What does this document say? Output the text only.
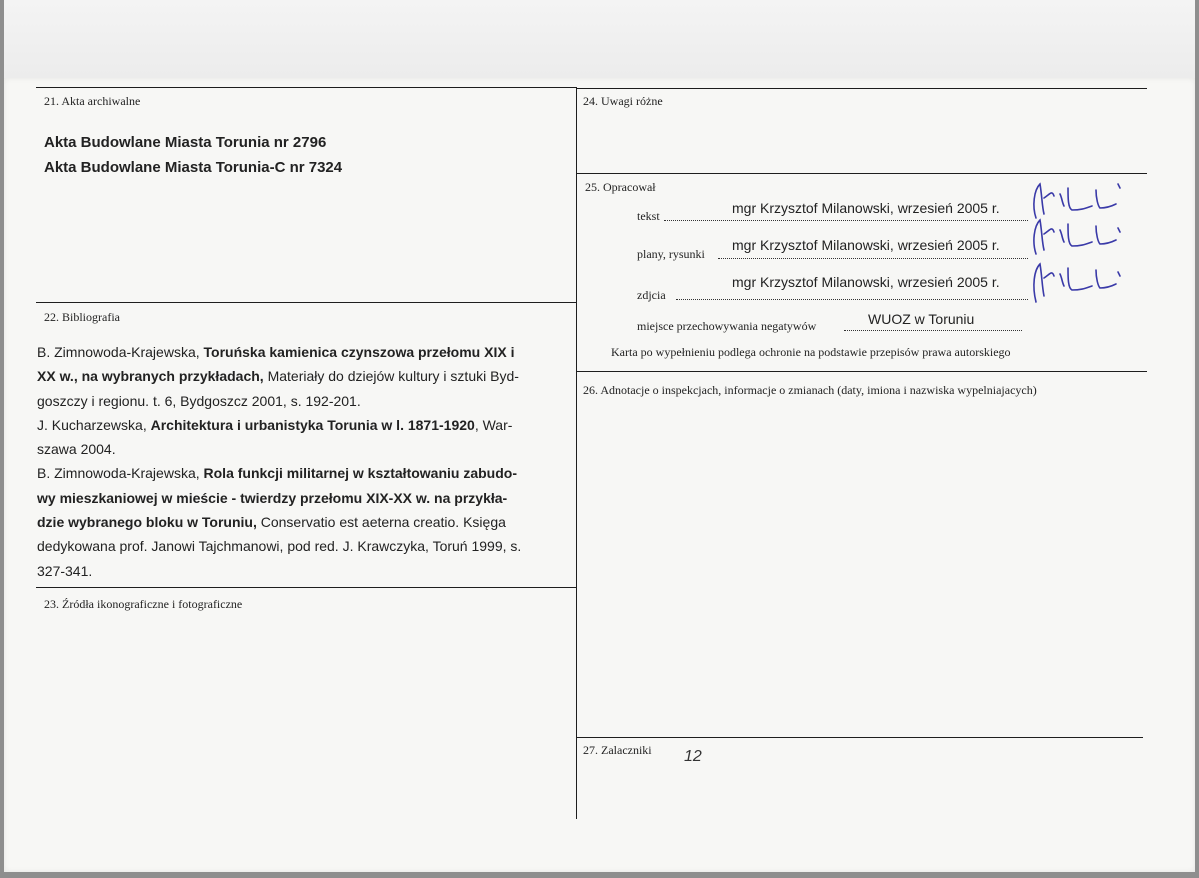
21. Akta archiwalne
Akta Budowlane Miasta Torunia nr 2796
Akta Budowlane Miasta Torunia-C nr 7324
22. Bibliografia

B. Zimnowoda-Krajewska, Toruńska kamienica czynszowa przełomu XIX i

XX w., na wybranych przykładach, Materiały do dziejów kultury i sztuki Byd-

goszczy i regionu. t. 6, Bydgoszcz 2001, s. 192-201.

J. Kucharzewska, Architektura i urbanistyka Torunia w l. 1871-1920, War-

szawa 2004.

B. Zimnowoda-Krajewska, Rola funkcji militarnej w kształtowaniu zabudo-

wy mieszkaniowej w mieście - twierdzy przełomu XIX-XX w. na przykła-

dzie wybranego bloku w Toruniu, Conservatio est aeterna creatio. Księga

dedykowana prof. Janowi Tajchmanowi, pod red. J. Krawczyka, Toruń 1999, s.

327-341.

23. Źródła ikonograficzne i fotograficzne
24. Uwagi różne
25. Opracował
tekst	mgr Krzysztof Milanowski, wrzesień 2005 r.
plany, rysunki
mgr Krzysztof Milanowski, wrzesień 2005 r.
zdjcia
mgr Krzysztof Milanowski, wrzesień 2005 r.
miejsce przechowywania negatywów	WUOZ w Toruniu
Karta po wypełnieniu podlega ochronie na podstawie przepisów prawa autorskiego
26. Adnotacje o inspekcjach, informacje o zmianach (daty, imiona i nazwiska wypelniajacych)
27. Zalaczniki 12
